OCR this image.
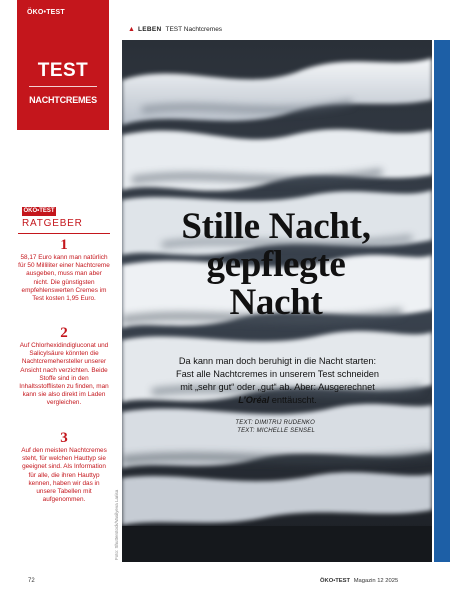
ÖKO•TEST
TEST
NACHTCREMES
ÖKO•TEST
RATGEBER
1
58,17 Euro kann man natürlich für 50 Milliliter einer Nachtcreme ausgeben, muss man aber nicht. Die günstigsten empfehlenswerten Cremes im Test kosten 1,95 Euro.
2
Auf Chlorhexidindigluconat und Salicylsäure könnten die Nachtcremehersteller unserer Ansicht nach verzichten. Beide Stoffe sind in den Inhaltsstofflisten zu finden, man kann sie also direkt im Laden vergleichen.
3
Auf den meisten Nachtcremes steht, für welchen Hauttyp sie geeignet sind. Als Information für alle, die ihren Hauttyp kennen, haben wir das in unsere Tabellen mit aufgenommen.
72
▲ LEBEN TEST Nachtcremes
Foto: Shutterstock/Vasilyeva Larisa
Stille Nacht,
gepflegte
Nacht
Da kann man doch beruhigt in die Nacht starten: Fast alle Nachtcremes in unserem Test schneiden mit „sehr gut“ oder „gut“ ab. Aber: Ausgerechnet L’Oréal enttäuscht.
TEXT: DIMITRIJ RUDENKO
TEXT: MICHELLE SENSEL
ÖKO•TEST Magazin 12 2025
